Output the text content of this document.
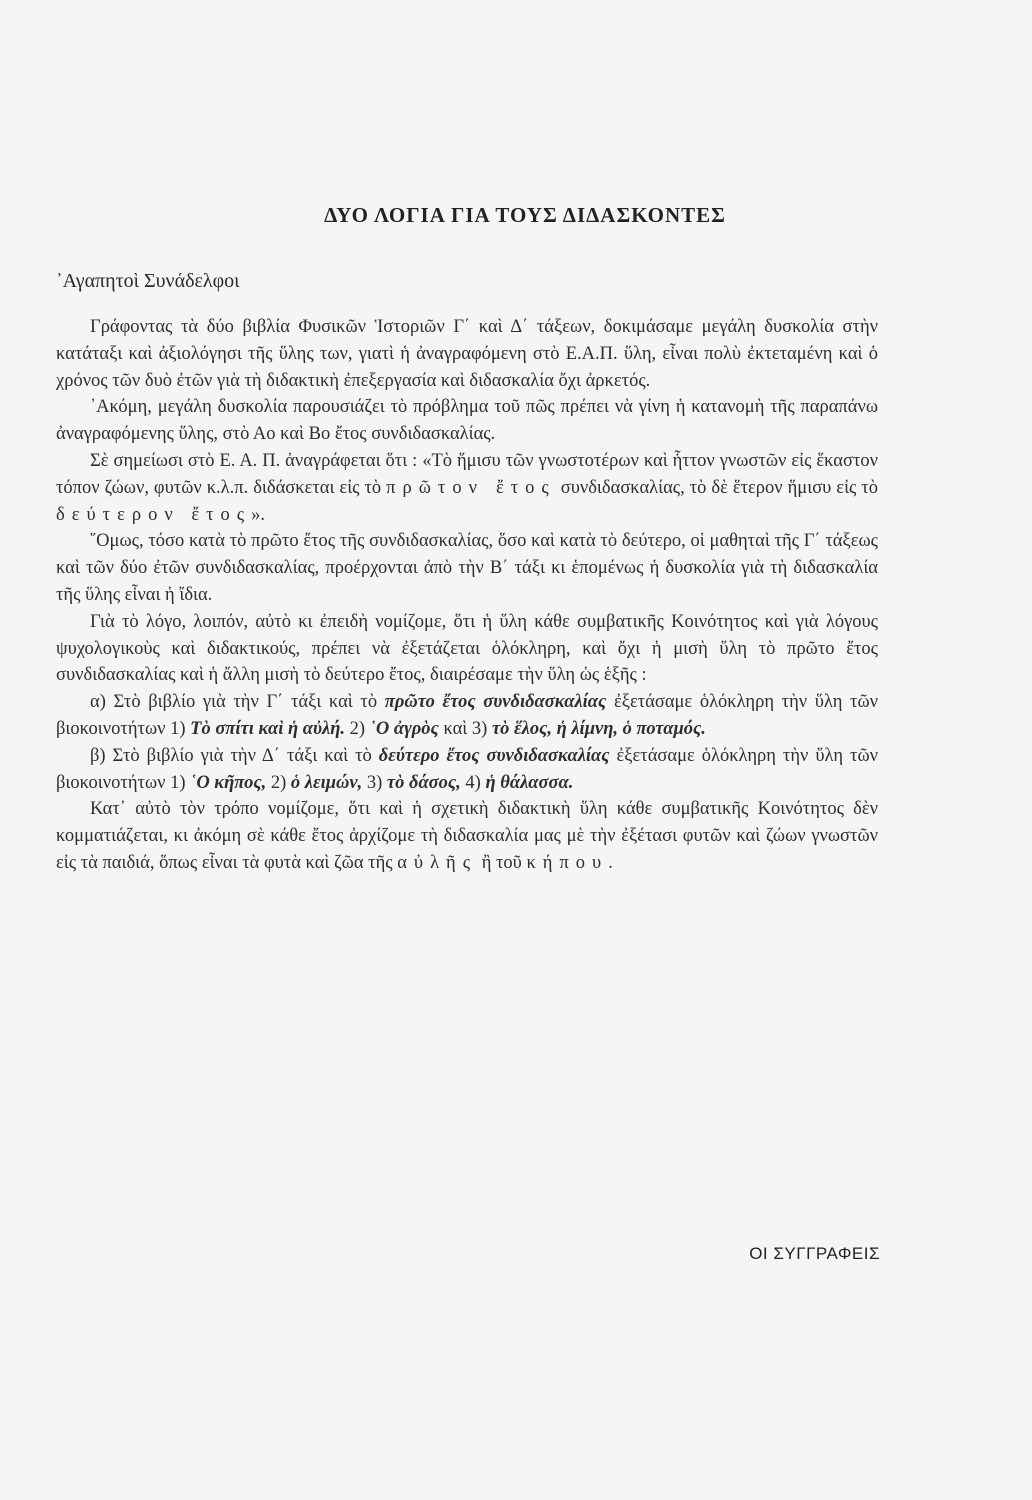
ΔΥΟ ΛΟΓΙΑ ΓΙΑ ΤΟΥΣ ΔΙΔΑΣΚΟΝΤΕΣ
᾿Αγαπητοὶ Συνάδελφοι

Γράφοντας τὰ δύο βιβλία Φυσικῶν Ἱστοριῶν Γ΄ καὶ Δ΄ τάξεων, δοκιμάσαμε μεγάλη δυσκολία στὴν κατάταξι καὶ ἀξιολόγησι τῆς ὕλης των, γιατὶ ἡ ἀναγραφόμενη στὸ Ε.Α.Π. ὕλη, εἶναι πολὺ ἐκτεταμένη καὶ ὁ χρόνος τῶν δυὸ ἐτῶν γιὰ τὴ διδακτικὴ ἐπεξεργασία καὶ διδασκαλία ὄχι ἀρκετός.

᾿Ακόμη, μεγάλη δυσκολία παρουσιάζει τὸ πρόβλημα τοῦ πῶς πρέπει νὰ γίνη ἡ κατανομὴ τῆς παραπάνω ἀναγραφόμενης ὕλης, στὸ Αο καὶ Βο ἔτος συνδιδασκαλίας.

Σὲ σημείωσι στὸ Ε. Α. Π. ἀναγράφεται ὅτι : «Τὸ ἥμισυ τῶν γνωστοτέρων καὶ ἧττον γνωστῶν εἰς ἕκαστον τόπον ζώων, φυτῶν κ.λ.π. διδάσκεται εἰς τὸ πρῶτον ἔτος συνδιδασκαλίας, τὸ δὲ ἕτερον ἥμισυ εἰς τὸ δεύτερον ἔτος».

῞Ομως, τόσο κατὰ τὸ πρῶτο ἔτος τῆς συνδιδασκαλίας, ὅσο καὶ κατὰ τὸ δεύτερο, οἱ μαθηταὶ τῆς Γ΄ τάξεως καὶ τῶν δύο ἐτῶν συνδιδασκαλίας, προέρχονται ἀπὸ τὴν Β΄ τάξι κι ἑπομένως ἡ δυσκολία γιὰ τὴ διδασκαλία τῆς ὕλης εἶναι ἡ ἴδια.

Γιὰ τὸ λόγο, λοιπόν, αὐτὸ κι ἐπειδὴ νομίζομε, ὅτι ἡ ὕλη κάθε συμβατικῆς Κοινότητος καὶ γιὰ λόγους ψυχολογικοὺς καὶ διδακτικούς, πρέπει νὰ ἐξετάζεται ὁλόκληρη, καὶ ὄχι ἡ μισὴ ὕλη τὸ πρῶτο ἔτος συνδιδασκαλίας καὶ ἡ ἄλλη μισὴ τὸ δεύτερο ἔτος, διαιρέσαμε τὴν ὕλη ὡς ἑξῆς :

α) Στὸ βιβλίο γιὰ τὴν Γ΄ τάξι καὶ τὸ πρῶτο ἔτος συνδιδασκαλίας ἐξετάσαμε ὁλόκληρη τὴν ὕλη τῶν βιοκοινοτήτων 1) Τὸ σπίτι καὶ ἡ αὐλή. 2) ῾Ο ἀγρὸς καὶ 3) τὸ ἕλος, ἡ λίμνη, ὁ ποταμός.

β) Στὸ βιβλίο γιὰ τὴν Δ΄ τάξι καὶ τὸ δεύτερο ἔτος συνδιδασκαλίας ἐξετάσαμε ὁλόκληρη τὴν ὕλη τῶν βιοκοινοτήτων 1) ῾Ο κῆπος, 2) ὁ λειμών, 3) τὸ δάσος, 4) ἡ θάλασσα.

Κατ᾿ αὐτὸ τὸν τρόπο νομίζομε, ὅτι καὶ ἡ σχετικὴ διδακτικὴ ὕλη κάθε συμβατικῆς Κοινότητος δὲν κομματιάζεται, κι ἀκόμη σὲ κάθε ἔτος ἀρχίζομε τὴ διδασκαλία μας μὲ τὴν ἐξέτασι φυτῶν καὶ ζώων γνωστῶν εἰς τὰ παιδιά, ὅπως εἶναι τὰ φυτὰ καὶ ζῶα τῆς αὐλῆς ἢ τοῦ κήπου.

ΟΙ ΣΥΓΓΡΑΦΕΙΣ
